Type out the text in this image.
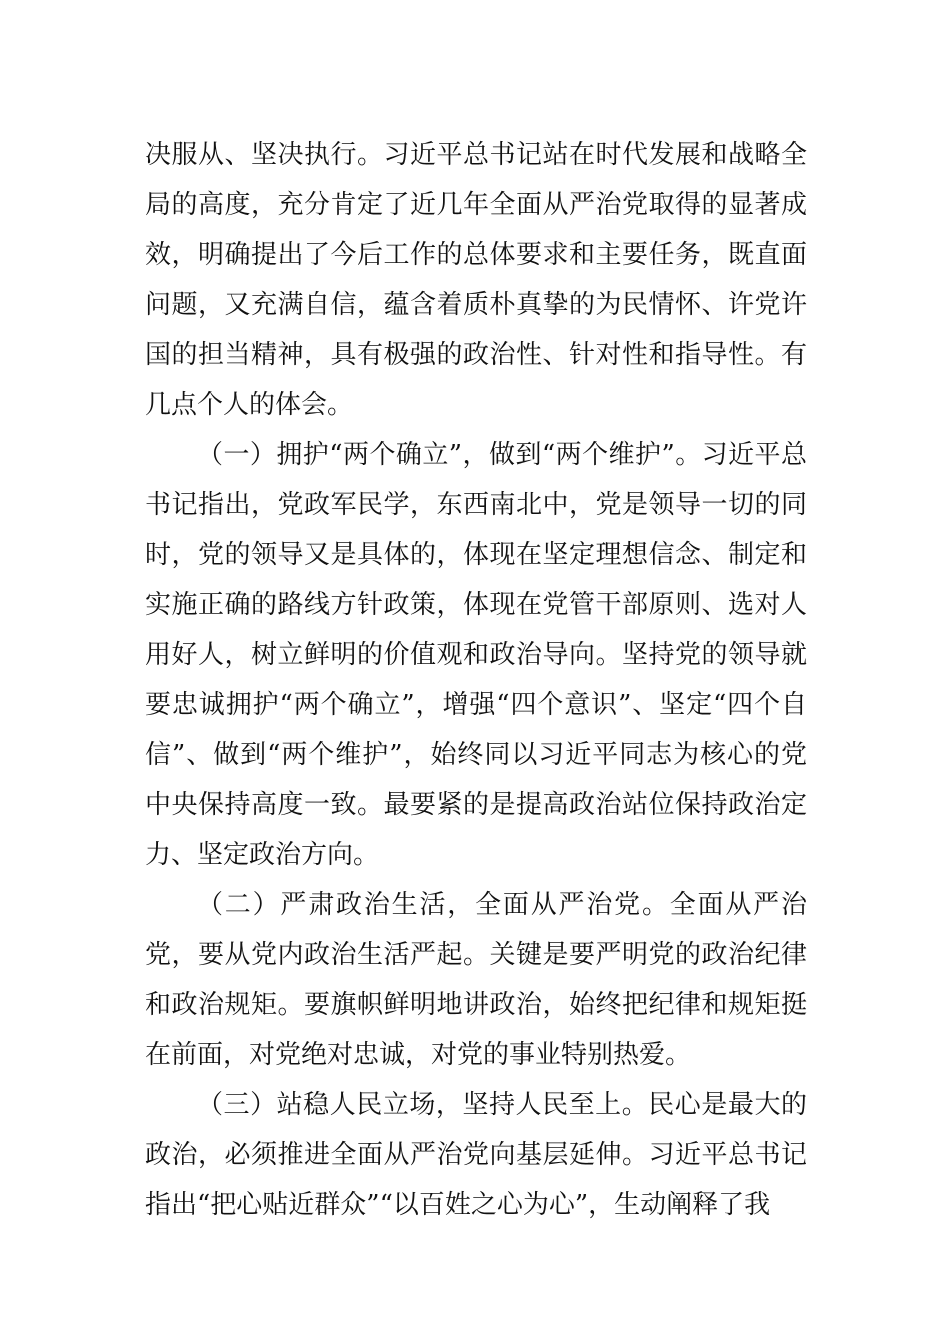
决服从、坚决执行。习近平总书记站在时代发展和战略全局的高度，充分肯定了近几年全面从严治党取得的显著成效，明确提出了今后工作的总体要求和主要任务，既直面问题，又充满自信，蕴含着质朴真挚的为民情怀、许党许国的担当精神，具有极强的政治性、针对性和指导性。有几点个人的体会。

（一）拥护“两个确立”，做到“两个维护”。习近平总书记指出，党政军民学，东西南北中，党是领导一切的同时，党的领导又是具体的，体现在坚定理想信念、制定和实施正确的路线方针政策，体现在党管干部原则、选对人用好人，树立鲜明的价值观和政治导向。坚持党的领导就要忠诚拥护“两个确立”，增强“四个意识”、坚定“四个自信”、做到“两个维护”，始终同以习近平同志为核心的党中央保持高度一致。最要紧的是提高政治站位保持政治定力、坚定政治方向。

（二）严肃政治生活，全面从严治党。全面从严治党，要从党内政治生活严起。关键是要严明党的政治纪律和政治规矩。要旗帜鲜明地讲政治，始终把纪律和规矩挺在前面，对党绝对忠诚，对党的事业特别热爱。

（三）站稳人民立场，坚持人民至上。民心是最大的政治，必须推进全面从严治党向基层延伸。习近平总书记指出“把心贴近群众”“以百姓之心为心”，生动阐释了我
